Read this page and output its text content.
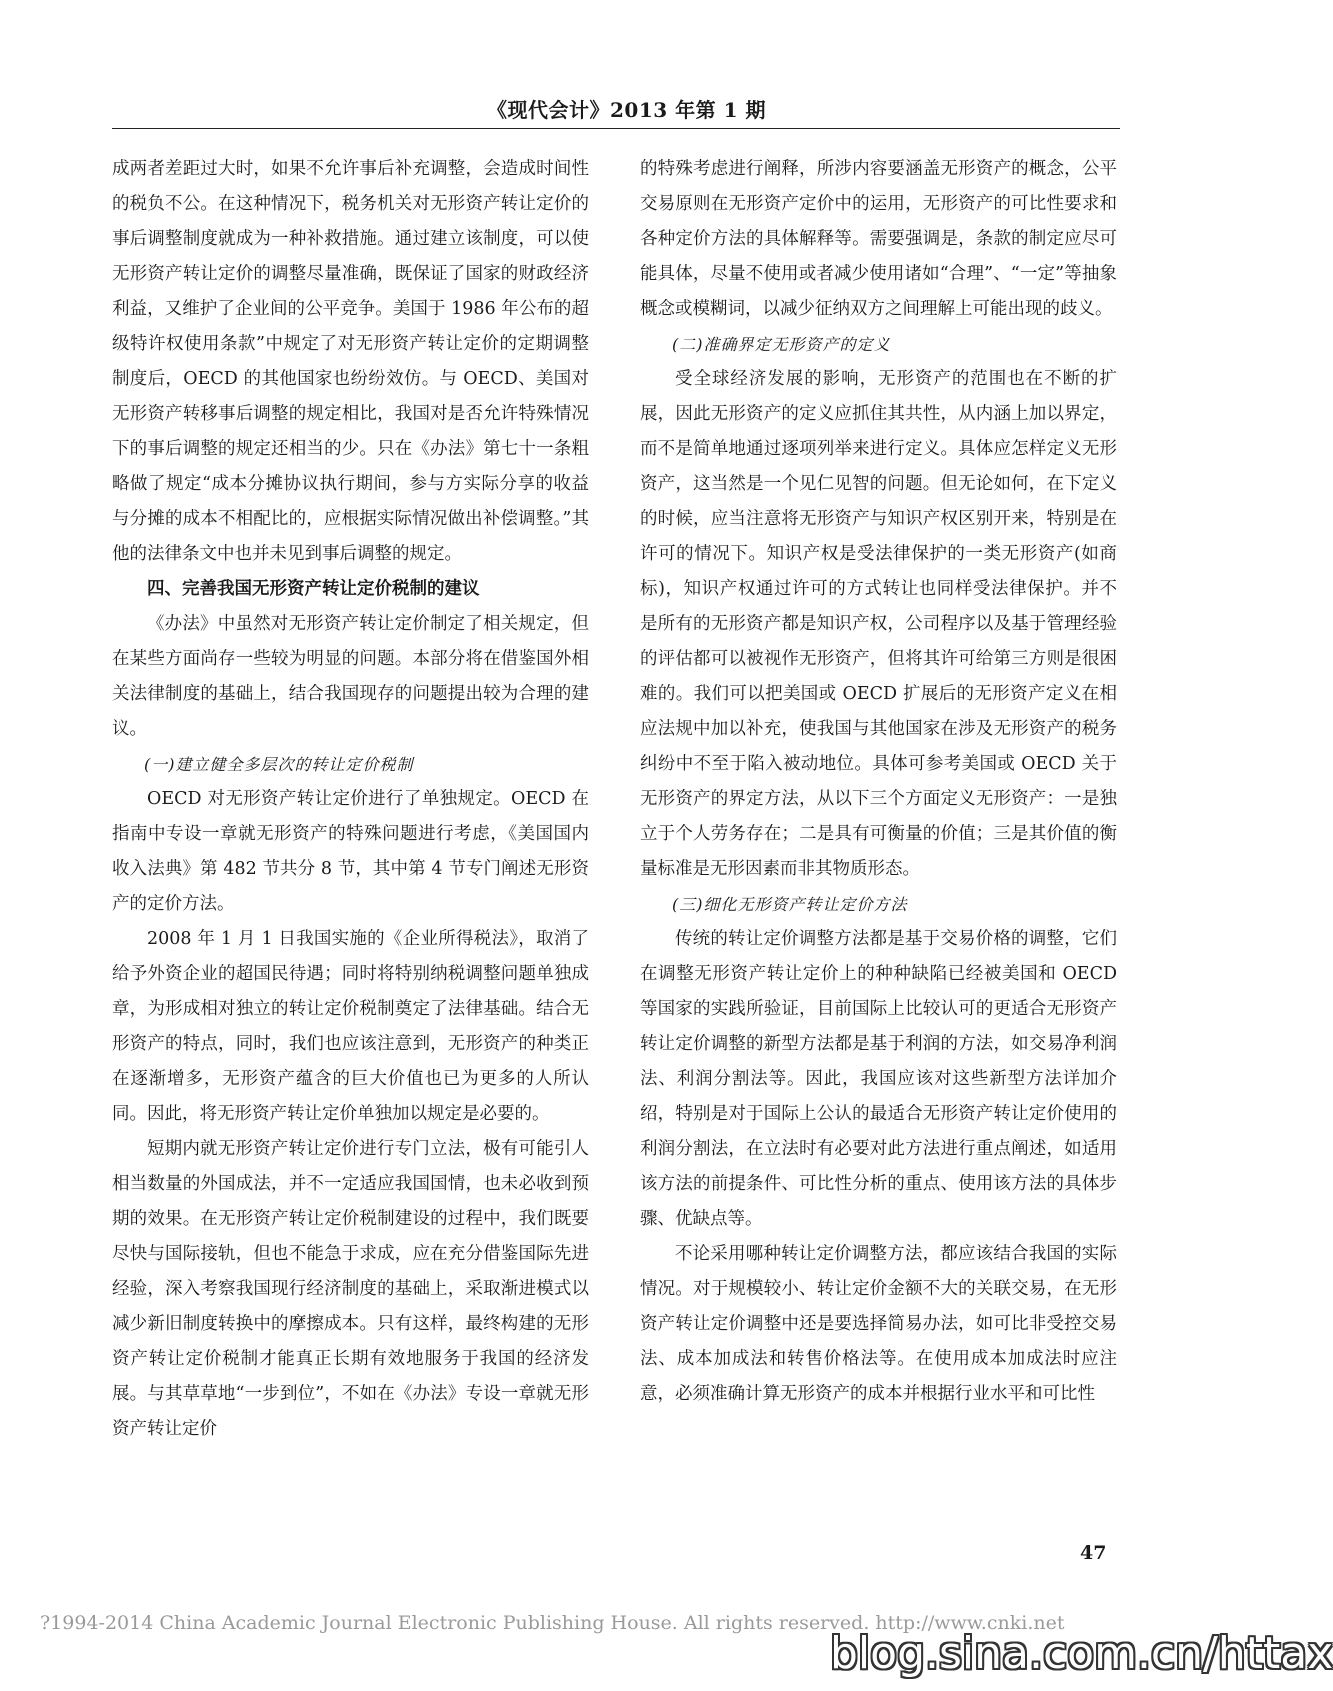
《现代会计》2013 年第 1 期

成两者差距过大时，如果不允许事后补充调整，会造成时间性的税负不公。在这种情况下，税务机关对无形资产转让定价的事后调整制度就成为一种补救措施。通过建立该制度，可以使无形资产转让定价的调整尽量准确，既保证了国家的财政经济利益，又维护了企业间的公平竞争。美国于 1986 年公布的超级特许权使用条款”中规定了对无形资产转让定价的定期调整制度后，OECD 的其他国家也纷纷效仿。与 OECD、美国对无形资产转移事后调整的规定相比，我国对是否允许特殊情况下的事后调整的规定还相当的少。只在《办法》第七十一条粗略做了规定“成本分摊协议执行期间，参与方实际分享的收益与分摊的成本不相配比的，应根据实际情况做出补偿调整。”其他的法律条文中也并未见到事后调整的规定。

四、完善我国无形资产转让定价税制的建议

《办法》中虽然对无形资产转让定价制定了相关规定，但在某些方面尚存一些较为明显的问题。本部分将在借鉴国外相关法律制度的基础上，结合我国现存的问题提出较为合理的建议。

(一)建立健全多层次的转让定价税制

OECD 对无形资产转让定价进行了单独规定。OECD 在指南中专设一章就无形资产的特殊问题进行考虑，《美国国内收入法典》第 482 节共分 8 节，其中第 4 节专门阐述无形资产的定价方法。

2008 年 1 月 1 日我国实施的《企业所得税法》，取消了给予外资企业的超国民待遇；同时将特别纳税调整问题单独成章，为形成相对独立的转让定价税制奠定了法律基础。结合无形资产的特点，同时，我们也应该注意到，无形资产的种类正在逐渐增多，无形资产蕴含的巨大价值也已为更多的人所认同。因此，将无形资产转让定价单独加以规定是必要的。

短期内就无形资产转让定价进行专门立法，极有可能引人相当数量的外国成法，并不一定适应我国国情，也未必收到预期的效果。在无形资产转让定价税制建设的过程中，我们既要尽快与国际接轨，但也不能急于求成，应在充分借鉴国际先进经验，深入考察我国现行经济制度的基础上，采取渐进模式以减少新旧制度转换中的摩擦成本。只有这样，最终构建的无形资产转让定价税制才能真正长期有效地服务于我国的经济发展。与其草草地“一步到位”，不如在《办法》专设一章就无形资产转让定价

的特殊考虑进行阐释，所涉内容要涵盖无形资产的概念，公平交易原则在无形资产定价中的运用，无形资产的可比性要求和各种定价方法的具体解释等。需要强调是，条款的制定应尽可能具体，尽量不使用或者减少使用诸如“合理”、“一定”等抽象概念或模糊词，以减少征纳双方之间理解上可能出现的歧义。

(二)准确界定无形资产的定义

受全球经济发展的影响，无形资产的范围也在不断的扩展，因此无形资产的定义应抓住其共性，从内涵上加以界定，而不是简单地通过逐项列举来进行定义。具体应怎样定义无形资产，这当然是一个见仁见智的问题。但无论如何，在下定义的时候，应当注意将无形资产与知识产权区别开来，特别是在许可的情况下。知识产权是受法律保护的一类无形资产(如商标)，知识产权通过许可的方式转让也同样受法律保护。并不是所有的无形资产都是知识产权，公司程序以及基于管理经验的评估都可以被视作无形资产，但将其许可给第三方则是很困难的。我们可以把美国或 OECD 扩展后的无形资产定义在相应法规中加以补充，使我国与其他国家在涉及无形资产的税务纠纷中不至于陷入被动地位。具体可参考美国或 OECD 关于无形资产的界定方法，从以下三个方面定义无形资产：一是独立于个人劳务存在；二是具有可衡量的价值；三是其价值的衡量标准是无形因素而非其物质形态。

(三)细化无形资产转让定价方法

传统的转让定价调整方法都是基于交易价格的调整，它们在调整无形资产转让定价上的种种缺陷已经被美国和 OECD 等国家的实践所验证，目前国际上比较认可的更适合无形资产转让定价调整的新型方法都是基于利润的方法，如交易净利润法、利润分割法等。因此，我国应该对这些新型方法详加介绍，特别是对于国际上公认的最适合无形资产转让定价使用的利润分割法，在立法时有必要对此方法进行重点阐述，如适用该方法的前提条件、可比性分析的重点、使用该方法的具体步骤、优缺点等。

不论采用哪种转让定价调整方法，都应该结合我国的实际情况。对于规模较小、转让定价金额不大的关联交易，在无形资产转让定价调整中还是要选择简易办法，如可比非受控交易法、成本加成法和转售价格法等。在使用成本加成法时应注意，必须准确计算无形资产的成本并根据行业水平和可比性

47
?1994-2014 China Academic Journal Electronic Publishing House. All rights reserved. http://www.cnki.net
blog.sina.com.cn/httax
